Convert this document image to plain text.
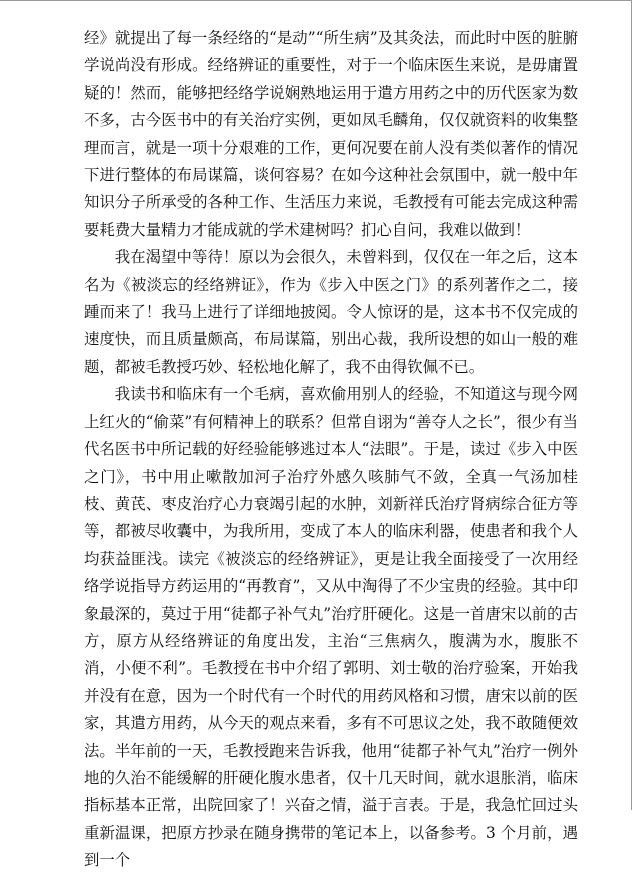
经》就提出了每一条经络的“是动”“所生病”及其灸法，而此时中医的脏腑学说尚没有形成。经络辨证的重要性，对于一个临床医生来说，是毋庸置疑的！然而，能够把经络学说娴熟地运用于遣方用药之中的历代医家为数不多，古今医书中的有关治疗实例，更如凤毛麟角，仅仅就资料的收集整理而言，就是一项十分艰难的工作，更何况要在前人没有类似著作的情况下进行整体的布局谋篇，谈何容易？在如今这种社会氛围中，就一般中年知识分子所承受的各种工作、生活压力来说，毛教授有可能去完成这种需要耗费大量精力才能成就的学术建树吗？扪心自问，我难以做到！

我在渴望中等待！原以为会很久，未曾料到，仅仅在一年之后，这本名为《被淡忘的经络辨证》，作为《步入中医之门》的系列著作之二，接踵而来了！我马上进行了详细地披阅。令人惊讶的是，这本书不仅完成的速度快，而且质量颇高，布局谋篇，别出心裁，我所设想的如山一般的难题，都被毛教授巧妙、轻松地化解了，我不由得钦佩不已。

我读书和临床有一个毛病，喜欢偷用别人的经验，不知道这与现今网上红火的“偷菜”有何精神上的联系？但常自诩为“善夺人之长”，很少有当代名医书中所记载的好经验能够逃过本人“法眼”。于是，读过《步入中医之门》，书中用止嗽散加河子治疗外感久咳肺气不敛，全真一气汤加桂枝、黄芪、枣皮治疗心力衰竭引起的水肿，刘新祥氏治疗肾病综合征方等等，都被尽收囊中，为我所用，变成了本人的临床利器，使患者和我个人均获益匪浅。读完《被淡忘的经络辨证》，更是让我全面接受了一次用经络学说指导方药运用的“再教育”，又从中淘得了不少宝贵的经验。其中印象最深的，莫过于用“徒都子补气丸”治疗肝硬化。这是一首唐宋以前的古方，原方从经络辨证的角度出发，主治“三焦病久，腹满为水，腹胀不消，小便不利”。毛教授在书中介绍了郭明、刘士敬的治疗验案，开始我并没有在意，因为一个时代有一个时代的用药风格和习惯，唐宋以前的医家，其遣方用药，从今天的观点来看，多有不可思议之处，我不敢随便效法。半年前的一天，毛教授跑来告诉我，他用“徒都子补气丸”治疗一例外地的久治不能缓解的肝硬化腹水患者，仅十几天时间，就水退胀消，临床指标基本正常，出院回家了！兴奋之情，溢于言表。于是，我急忙回过头重新温课，把原方抄录在随身携带的笔记本上，以备参考。3 个月前，遇到一个
